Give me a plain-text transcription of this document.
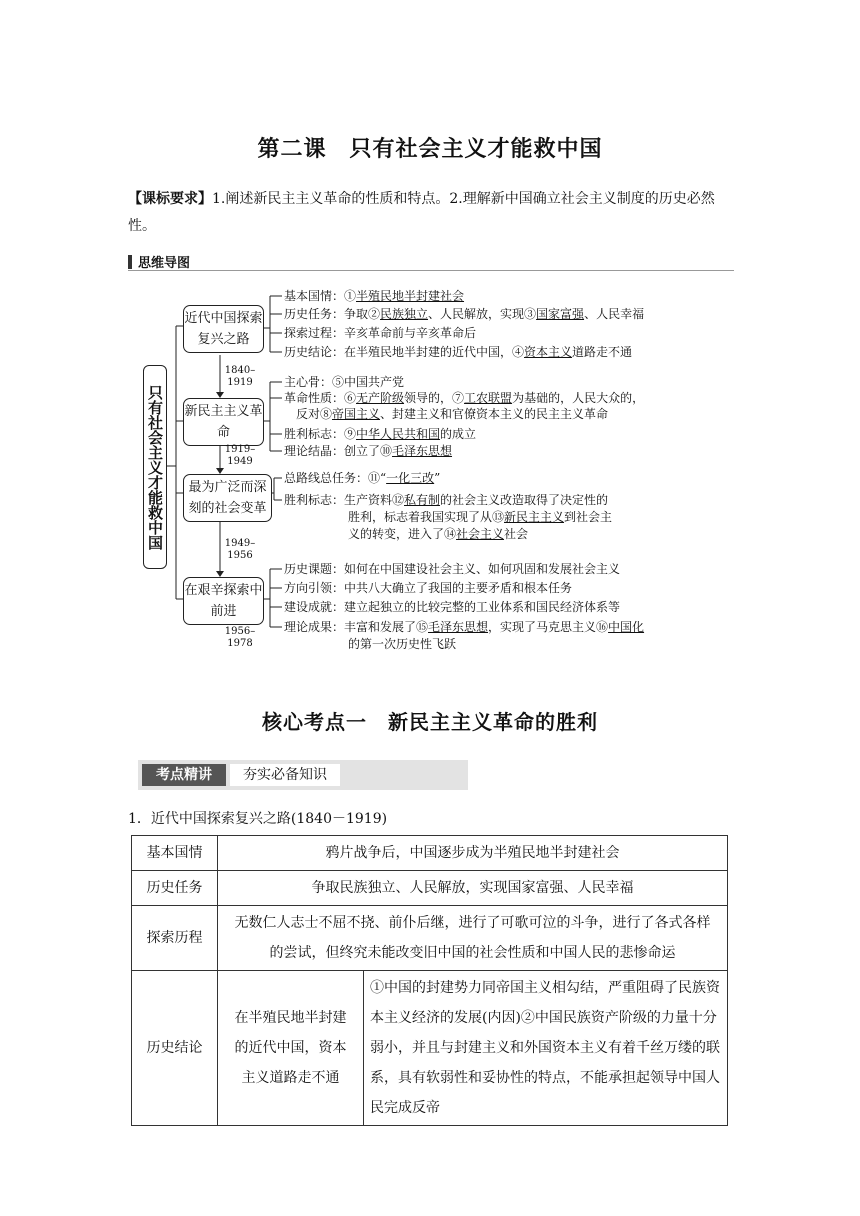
第二课　只有社会主义才能救中国
【课标要求】1.阐述新民主主义革命的性质和特点。2.理解新中国确立社会主义制度的历史必然性。
思维导图
只有社会主义才能救中国
近代中国探索复兴之路
新民主主义革命
最为广泛而深刻的社会变革
在艰辛探索中前进
1840–1919
1919–1949
1949–1956
1956–1978
基本国情：①半殖民地半封建社会
历史任务：争取②民族独立、人民解放，实现③国家富强、人民幸福
探索过程：辛亥革命前与辛亥革命后
历史结论：在半殖民地半封建的近代中国，④资本主义道路走不通
主心骨：⑤中国共产党
革命性质：⑥无产阶级领导的，⑦工农联盟为基础的，人民大众的，
反对⑧帝国主义、封建主义和官僚资本主义的民主主义革命
胜利标志：⑨中华人民共和国的成立
理论结晶：创立了⑩毛泽东思想
总路线总任务：⑪“一化三改”
胜利标志：生产资料⑫私有制的社会主义改造取得了决定性的
胜利，标志着我国实现了从⑬新民主主义到社会主
义的转变，进入了⑭社会主义社会
历史课题：如何在中国建设社会主义、如何巩固和发展社会主义
方向引领：中共八大确立了我国的主要矛盾和根本任务
建设成就：建立起独立的比较完整的工业体系和国民经济体系等
理论成果：丰富和发展了⑮毛泽东思想，实现了马克思主义⑯中国化
的第一次历史性飞跃
核心考点一　新民主主义革命的胜利
考点精讲	夯实必备知识
1．近代中国探索复兴之路(1840－1919)
基本国情	鸦片战争后，中国逐步成为半殖民地半封建社会	
历史任务	争取民族独立、人民解放，实现国家富强、人民幸福	
探索历程	无数仁人志士不屈不挠、前仆后继，进行了可歌可泣的斗争，进行了各式各样的尝试，但终究未能改变旧中国的社会性质和中国人民的悲惨命运	
历史结论	在半殖民地半封建的近代中国，资本主义道路走不通	①中国的封建势力同帝国主义相勾结，严重阻碍了民族资本主义经济的发展(内因)②中国民族资产阶级的力量十分弱小，并且与封建主义和外国资本主义有着千丝万缕的联系，具有软弱性和妥协性的特点，不能承担起领导中国人民完成反帝
